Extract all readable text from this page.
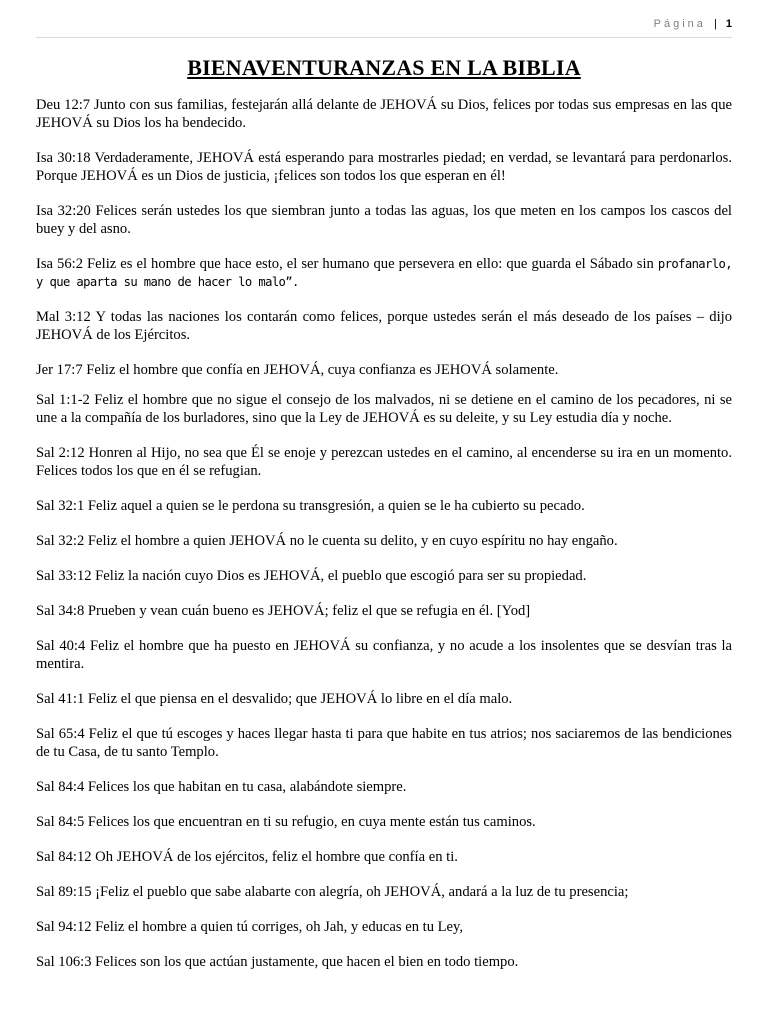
Página | 1
BIENAVENTURANZAS EN LA BIBLIA

Deu 12:7 Junto con sus familias, festejarán allá delante de JEHOVÁ su Dios, felices por todas sus empresas en las que JEHOVÁ su Dios los ha bendecido.

Isa 30:18 Verdaderamente, JEHOVÁ está esperando para mostrarles piedad; en verdad, se levantará para perdonarlos. Porque JEHOVÁ es un Dios de justicia, ¡felices son todos los que esperan en él!

Isa 32:20 Felices serán ustedes los que siembran junto a todas las aguas, los que meten en los campos los cascos del buey y del asno.

Isa 56:2 Feliz es el hombre que hace esto, el ser humano que persevera en ello: que guarda el Sábado sin profanarlo, y que aparta su mano de hacer lo malo”.

Mal 3:12 Y todas las naciones los contarán como felices, porque ustedes serán el más deseado de los países – dijo JEHOVÁ de los Ejércitos.

Jer 17:7 Feliz el hombre que confía en JEHOVÁ, cuya confianza es JEHOVÁ solamente.

Sal 1:1-2 Feliz el hombre que no sigue el consejo de los malvados, ni se detiene en el camino de los pecadores, ni se une a la compañía de los burladores, sino que la Ley de JEHOVÁ es su deleite, y su Ley estudia día y noche.

Sal 2:12 Honren al Hijo, no sea que Él se enoje y perezcan ustedes en el camino, al encenderse su ira en un momento. Felices todos los que en él se refugian.

Sal 32:1 Feliz aquel a quien se le perdona su transgresión, a quien se le ha cubierto su pecado.

Sal 32:2 Feliz el hombre a quien JEHOVÁ no le cuenta su delito, y en cuyo espíritu no hay engaño.

Sal 33:12 Feliz la nación cuyo Dios es JEHOVÁ, el pueblo que escogió para ser su propiedad.

Sal 34:8 Prueben y vean cuán bueno es JEHOVÁ; feliz el que se refugia en él. [Yod]

Sal 40:4 Feliz el hombre que ha puesto en JEHOVÁ su confianza, y no acude a los insolentes que se desvían tras la mentira.

Sal 41:1 Feliz el que piensa en el desvalido; que JEHOVÁ lo libre en el día malo.

Sal 65:4 Feliz el que tú escoges y haces llegar hasta ti para que habite en tus atrios; nos saciaremos de las bendiciones de tu Casa, de tu santo Templo.

Sal 84:4 Felices los que habitan en tu casa, alabándote siempre.

Sal 84:5 Felices los que encuentran en ti su refugio, en cuya mente están tus caminos.

Sal 84:12 Oh JEHOVÁ de los ejércitos, feliz el hombre que confía en ti.

Sal 89:15 ¡Feliz el pueblo que sabe alabarte con alegría, oh JEHOVÁ, andará a la luz de tu presencia;

Sal 94:12 Feliz el hombre a quien tú corriges, oh Jah, y educas en tu Ley,

Sal 106:3 Felices son los que actúan justamente, que hacen el bien en todo tiempo.
